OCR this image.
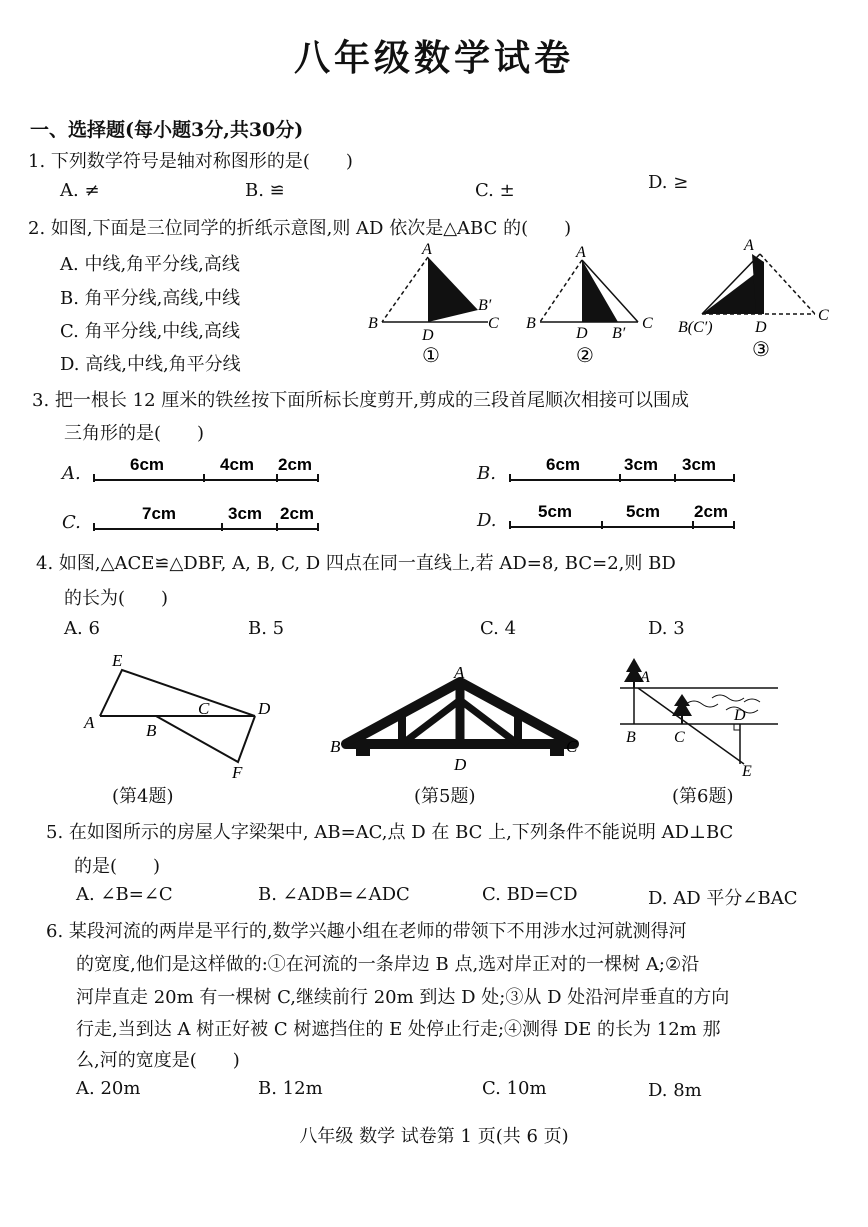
八年级数学试卷
一、选择题(每小题3分,共30分)
1. 下列数学符号是轴对称图形的是(　　)
A. ≠	B. ≌	C. ±	D. ≥
2. 如图,下面是三位同学的折纸示意图,则 AD 依次是△ABC 的(　　)
A. 中线,角平分线,高线
B. 角平分线,高线,中线
C. 角平分线,中线,高线
D. 高线,中线,角平分线
A
B
B′
C
D
①
A
B
D B′
C
②
A
B(C′)	D
C
③
3. 把一根长 12 厘米的铁丝按下面所标长度剪开,剪成的三段首尾顺次相接可以围成
三角形的是(　　)
A.	6cm	4cm 2cm	B.	6cm	3cm 3cm
C.	7cm	3cm 2cm	D. 5cm	5cm 2cm
4. 如图,△ACE≌△DBF, A, B, C, D 四点在同一直线上,若 AD=8, BC=2,则 BD
的长为(　　)
A. 6	B. 5	C. 4	D. 3
E
A	B
C	D
F
A
B	C
D
A
B C
D
E
(第4题)	(第5题)	(第6题)
5. 在如图所示的房屋人字梁架中, AB=AC,点 D 在 BC 上,下列条件不能说明 AD⊥BC
的是(　　)
A. ∠B=∠C	B. ∠ADB=∠ADC	C. BD=CD	D. AD 平分∠BAC
6. 某段河流的两岸是平行的,数学兴趣小组在老师的带领下不用涉水过河就测得河
的宽度,他们是这样做的:①在河流的一条岸边 B 点,选对岸正对的一棵树 A;②沿
河岸直走 20m 有一棵树 C,继续前行 20m 到达 D 处;③从 D 处沿河岸垂直的方向
行走,当到达 A 树正好被 C 树遮挡住的 E 处停止行走;④测得 DE 的长为 12m 那
么,河的宽度是(　　)
A. 20m	B. 12m	C. 10m	D. 8m
八年级 数学 试卷第 1 页(共 6 页)
